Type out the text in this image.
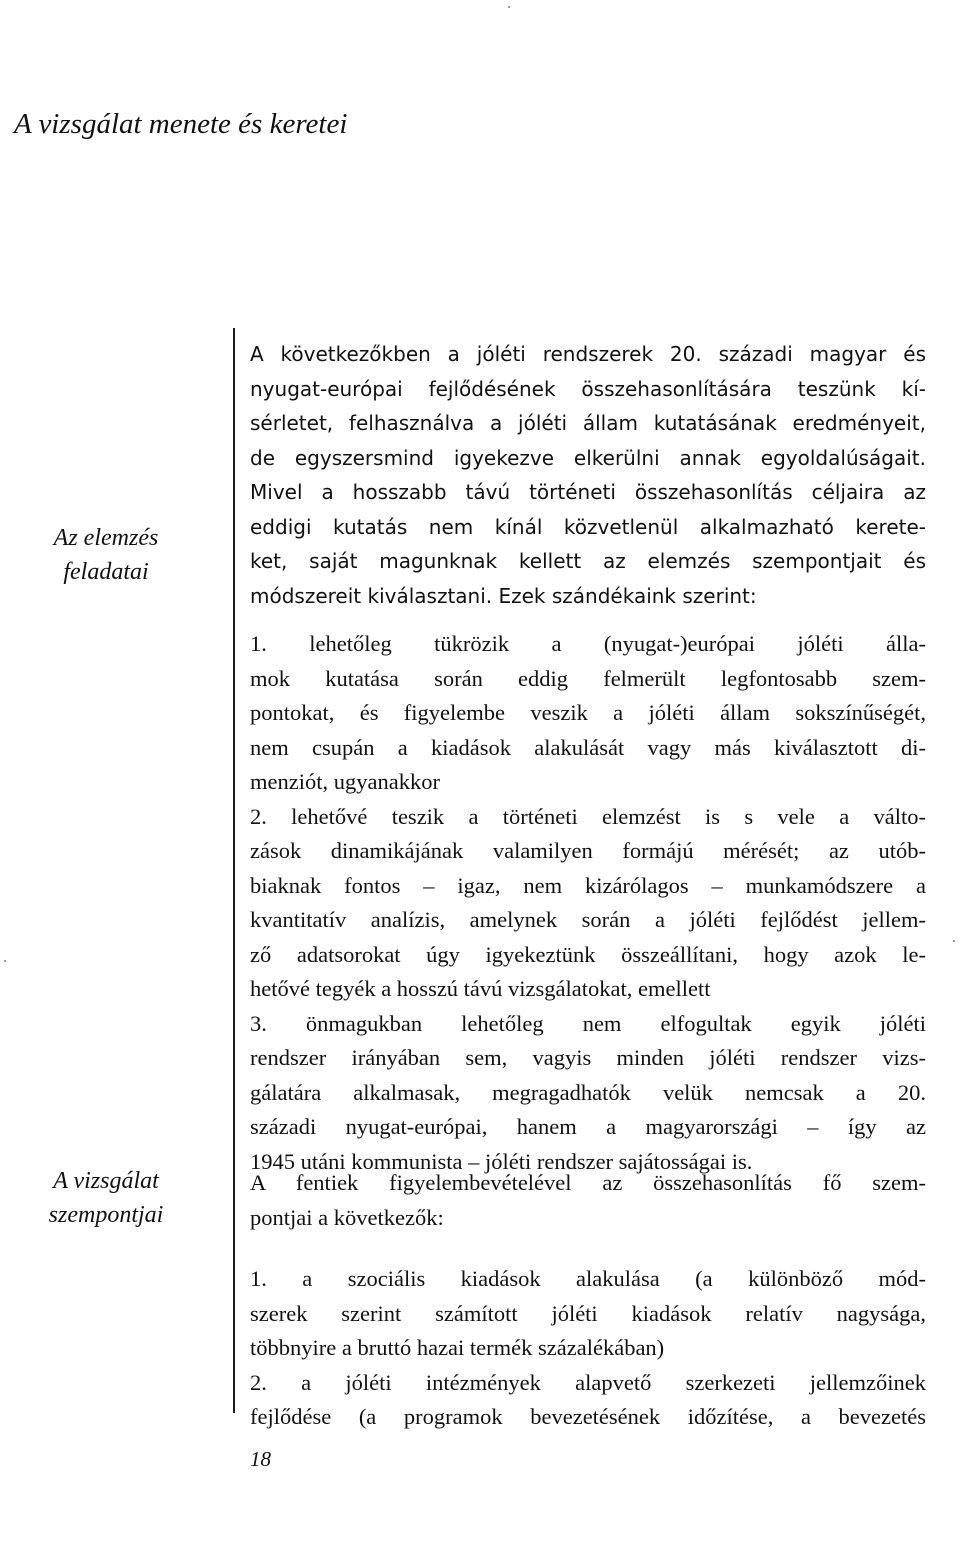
A vizsgálat menete és keretei
Az elemzés
feladatai
A vizsgálat
szempontjai
A következőkben a jóléti rendszerek 20. századi magyar és
nyugat-európai fejlődésének összehasonlítására teszünk kí-
sérletet, felhasználva a jóléti állam kutatásának eredményeit,
de egyszersmind igyekezve elkerülni annak egyoldalúságait.
Mivel a hosszabb távú történeti összehasonlítás céljaira az
eddigi kutatás nem kínál közvetlenül alkalmazható kerete-
ket, saját magunknak kellett az elemzés szempontjait és
módszereit kiválasztani. Ezek szándékaink szerint:
1. lehetőleg tükrözik a (nyugat-)európai jóléti álla-
mok kutatása során eddig felmerült legfontosabb szem-
pontokat, és figyelembe veszik a jóléti állam sokszínűségét,
nem csupán a kiadások alakulását vagy más kiválasztott di-
menziót, ugyanakkor
2. lehetővé teszik a történeti elemzést is s vele a válto-
zások dinamikájának valamilyen formájú mérését; az utób-
biaknak fontos – igaz, nem kizárólagos – munkamódszere a
kvantitatív analízis, amelynek során a jóléti fejlődést jellem-
ző adatsorokat úgy igyekeztünk összeállítani, hogy azok le-
hetővé tegyék a hosszú távú vizsgálatokat, emellett
3. önmagukban lehetőleg nem elfogultak egyik jóléti
rendszer irányában sem, vagyis minden jóléti rendszer vizs-
gálatára alkalmasak, megragadhatók velük nemcsak a 20.
századi nyugat-európai, hanem a magyarországi – így az
1945 utáni kommunista – jóléti rendszer sajátosságai is.
A fentiek figyelembevételével az összehasonlítás fő szem-
pontjai a következők:
1. a szociális kiadások alakulása (a különböző mód-
szerek szerint számított jóléti kiadások relatív nagysága,
többnyire a bruttó hazai termék százalékában)
2. a jóléti intézmények alapvető szerkezeti jellemzőinek
fejlődése (a programok bevezetésének időzítése, a bevezetés
18
